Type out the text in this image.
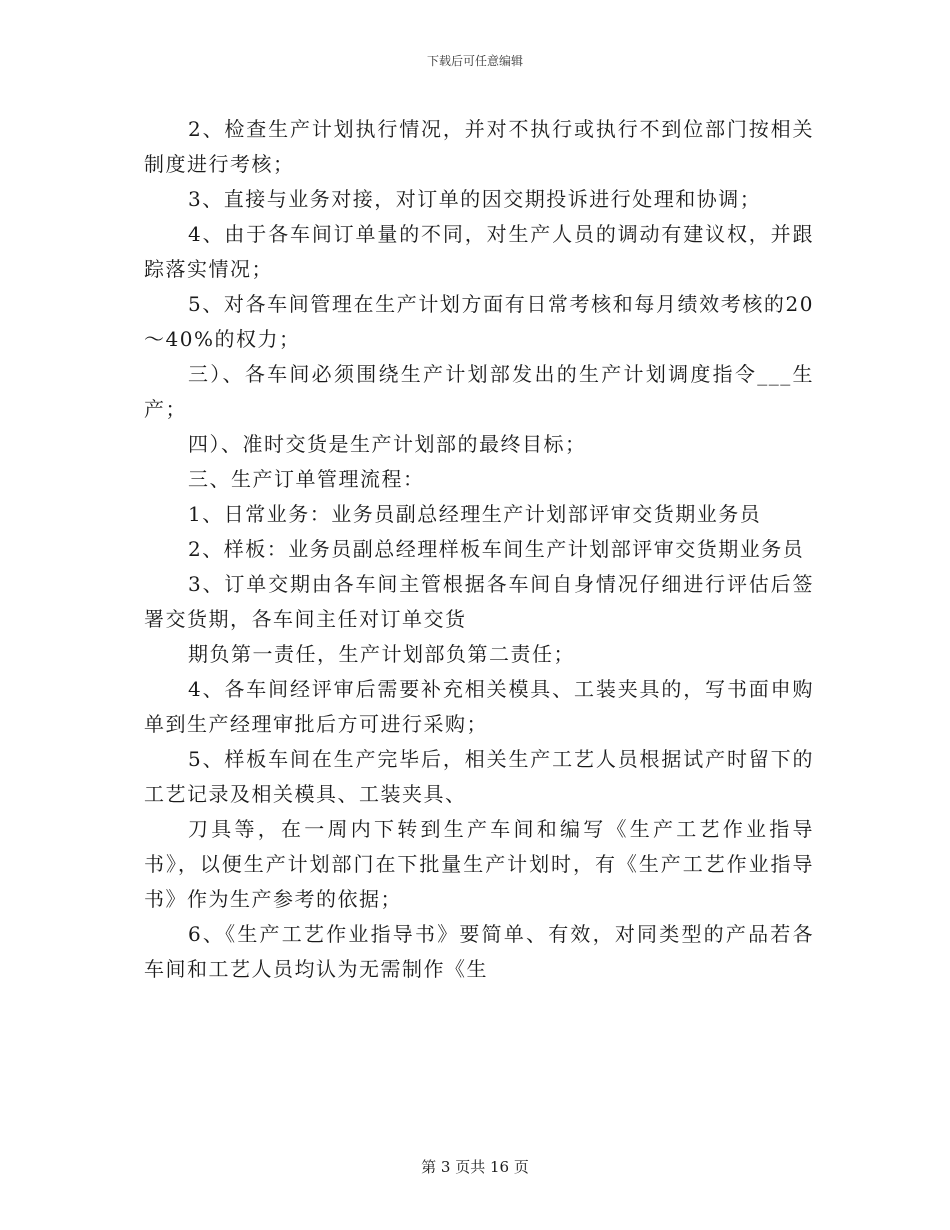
下载后可任意编辑

2、检查生产计划执行情况，并对不执行或执行不到位部门按相关制度进行考核；

3、直接与业务对接，对订单的因交期投诉进行处理和协调；

4、由于各车间订单量的不同，对生产人员的调动有建议权，并跟踪落实情况；

5、对各车间管理在生产计划方面有日常考核和每月绩效考核的20～40%的权力；

三）、各车间必须围绕生产计划部发出的生产计划调度指令___生产；

四）、准时交货是生产计划部的最终目标；

三、生产订单管理流程：

1、日常业务：业务员副总经理生产计划部评审交货期业务员

2、样板：业务员副总经理样板车间生产计划部评审交货期业务员

3、订单交期由各车间主管根据各车间自身情况仔细进行评估后签署交货期，各车间主任对订单交货

期负第一责任，生产计划部负第二责任；

4、各车间经评审后需要补充相关模具、工装夹具的，写书面申购单到生产经理审批后方可进行采购；

5、样板车间在生产完毕后，相关生产工艺人员根据试产时留下的工艺记录及相关模具、工装夹具、

刀具等，在一周内下转到生产车间和编写《生产工艺作业指导书》，以便生产计划部门在下批量生产计划时，有《生产工艺作业指导书》作为生产参考的依据；

6、《生产工艺作业指导书》要简单、有效，对同类型的产品若各车间和工艺人员均认为无需制作《生

第 3 页共 16 页
